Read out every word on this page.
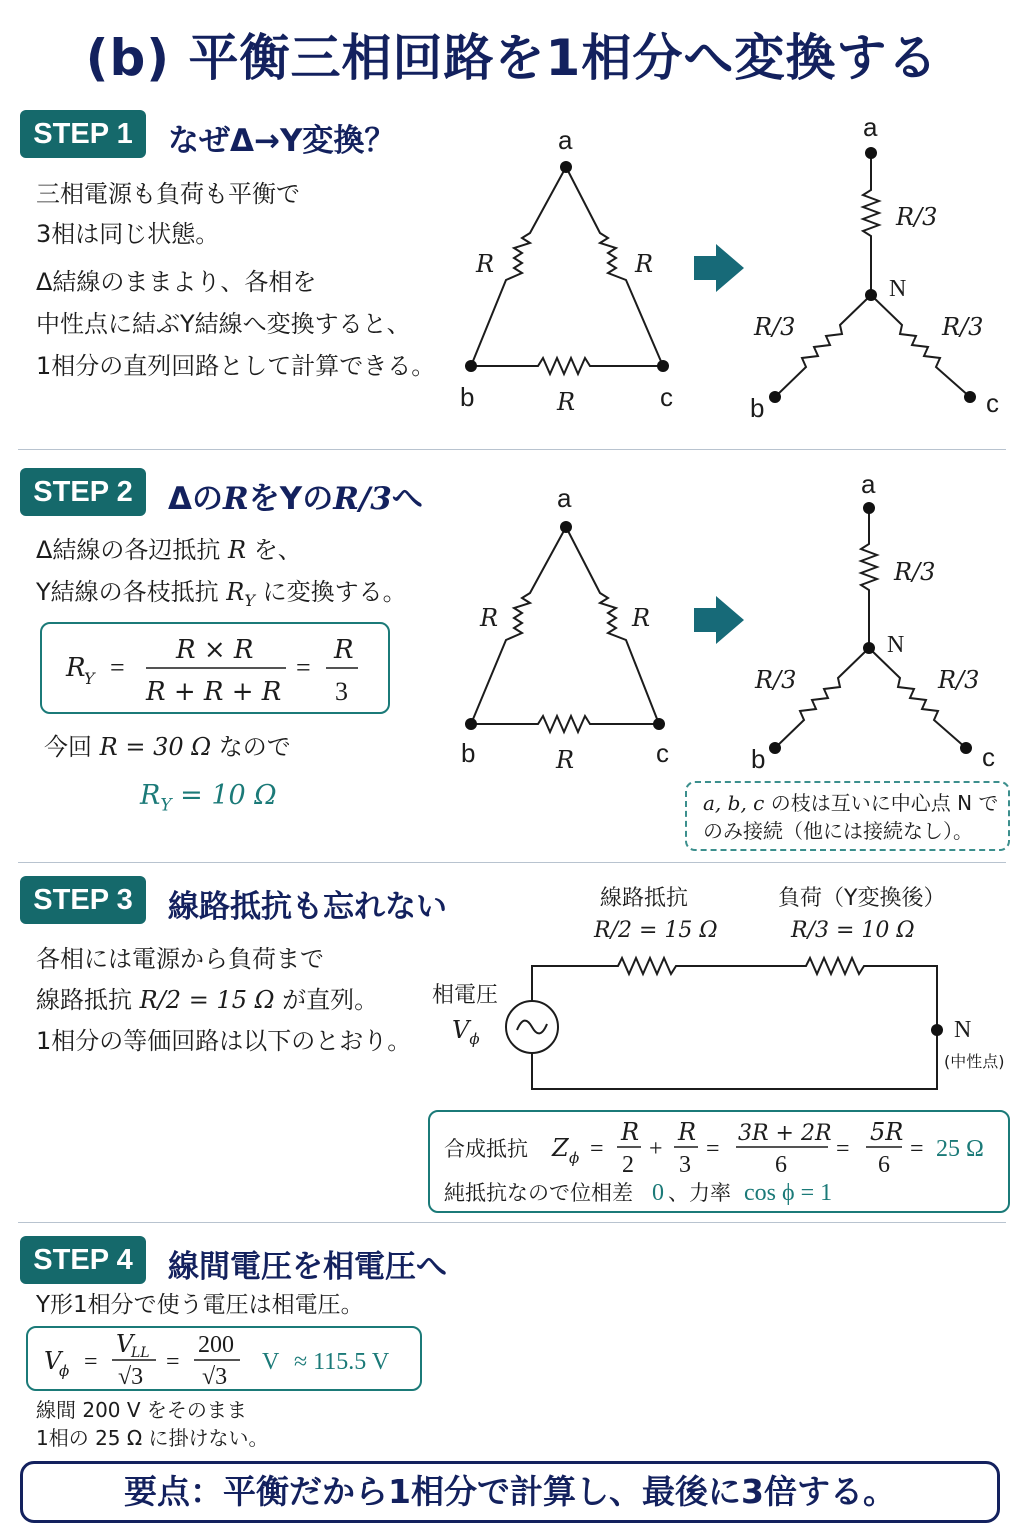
(b) 平衡三相回路を1相分へ変換する
STEP 1	なぜΔ→Y変換？
三相電源も負荷も平衡で
3相は同じ状態。
Δ結線のままより、各相を
中性点に結ぶY結線へ変換すると、
1相分の直列回路として計算できる。
a
b	c
R	R
R
a
N
b	c
R/3
R/3	R/3
STEP 2	ΔのRをYのR/3へ
Δ結線の各辺抵抗 R を、
Y結線の各枝抵抗 $R_Y$ に変換する。
R
Y =
R × R
R + R + R
=
R
3
今回 R = 30 Ω なので
$R_Y = 10$ Ω
a
b	c
R	R
R
a
N
b	c
R/3
R/3	R/3
a, b, c の枝は互いに中心点 N で
のみ接続（他には接続なし）。
STEP 3	線路抵抗も忘れない
各相には電源から負荷まで
線路抵抗 R/2 = 15 Ω が直列。
1相分の等価回路は以下のとおり。
線路抵抗
R/2 = 15 Ω
負荷（Y変換後）
R/3 = 10 Ω
相電圧
$V_\phi$	N
(中性点)
合成抵抗 Z ϕ =
R
2
+
R
3
=
3R + 2R
6
=
5R
6
= 25 Ω
純抵抗なので位相差 0 、力率 cos ϕ = 1
STEP 4	線間電圧を相電圧へ
Y形1相分で使う電圧は相電圧。
V
ϕ =
V
LL
√3
=
200
√3
V ≈ 115.5 V
線間 200 V をそのまま
1相の 25 Ω に掛けない。
要点：平衡だから1相分で計算し、最後に3倍する。
